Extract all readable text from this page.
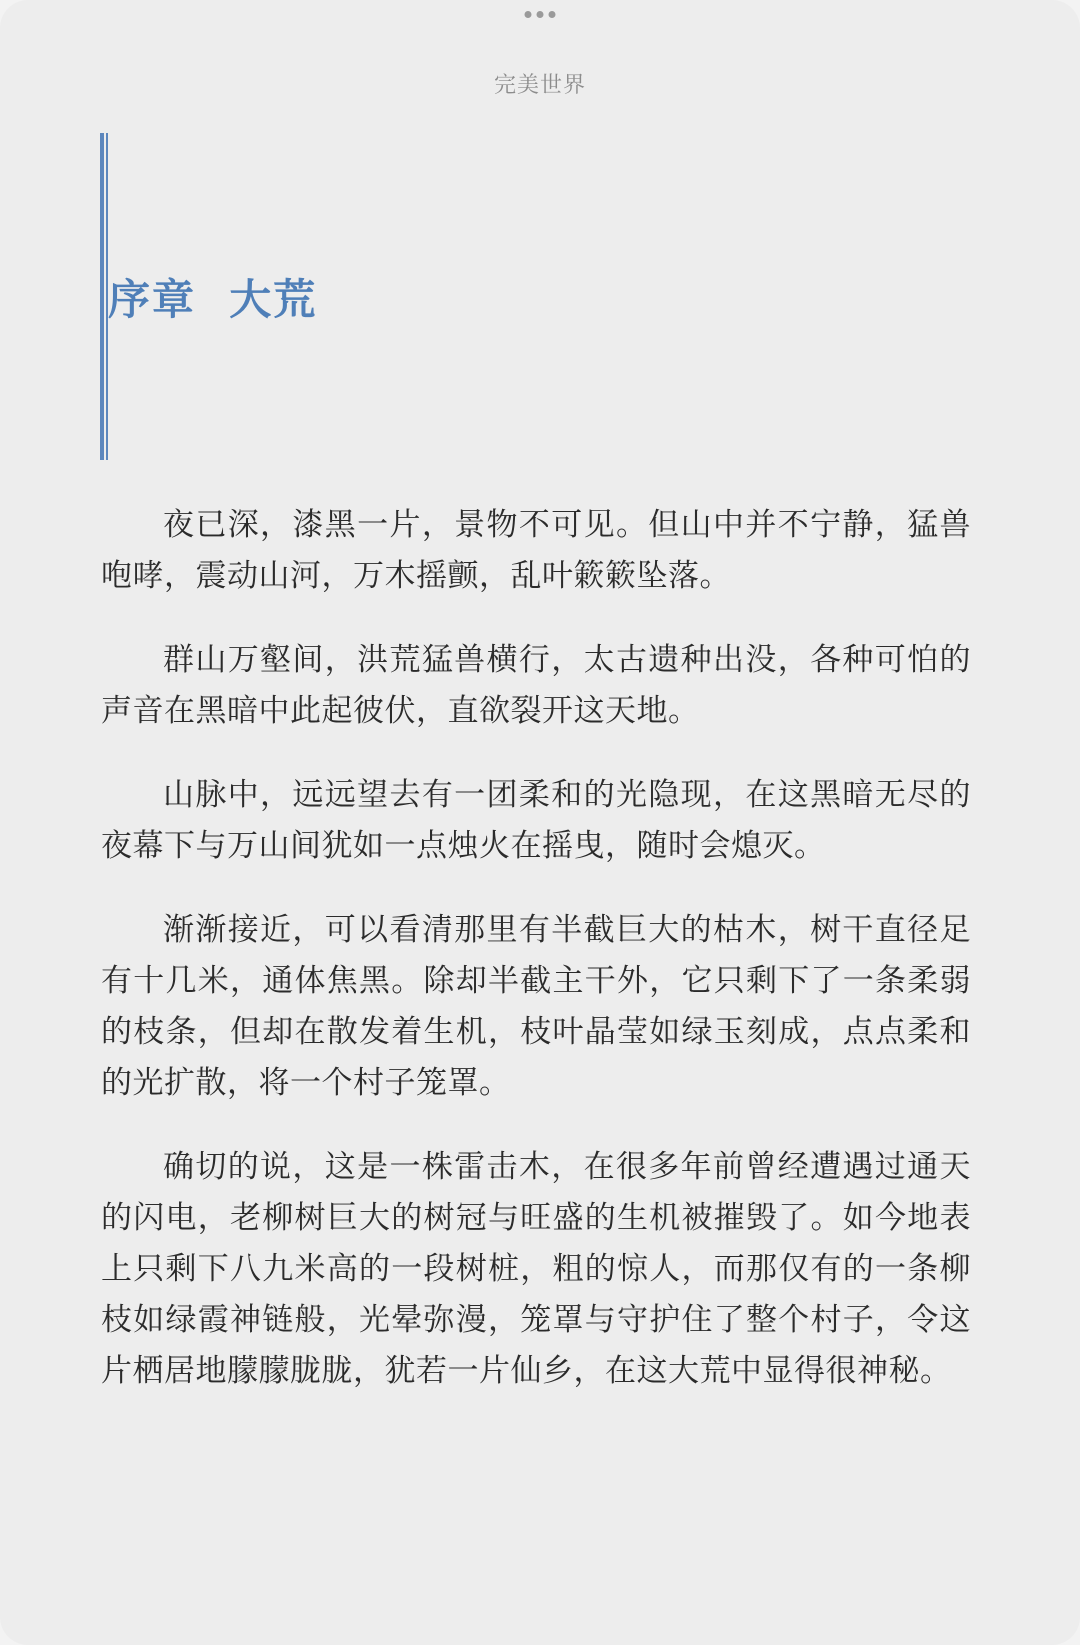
完美世界
序章  大荒

夜已深，漆黑一片，景物不可见。但山中并不宁静，猛兽咆哮，震动山河，万木摇颤，乱叶簌簌坠落。

群山万壑间，洪荒猛兽横行，太古遗种出没，各种可怕的声音在黑暗中此起彼伏，直欲裂开这天地。

山脉中，远远望去有一团柔和的光隐现，在这黑暗无尽的夜幕下与万山间犹如一点烛火在摇曳，随时会熄灭。

渐渐接近，可以看清那里有半截巨大的枯木，树干直径足有十几米，通体焦黑。除却半截主干外，它只剩下了一条柔弱的枝条，但却在散发着生机，枝叶晶莹如绿玉刻成，点点柔和的光扩散，将一个村子笼罩。

确切的说，这是一株雷击木，在很多年前曾经遭遇过通天的闪电，老柳树巨大的树冠与旺盛的生机被摧毁了。如今地表上只剩下八九米高的一段树桩，粗的惊人，而那仅有的一条柳枝如绿霞神链般，光晕弥漫，笼罩与守护住了整个村子，令这片栖居地朦朦胧胧，犹若一片仙乡，在这大荒中显得很神秘。
